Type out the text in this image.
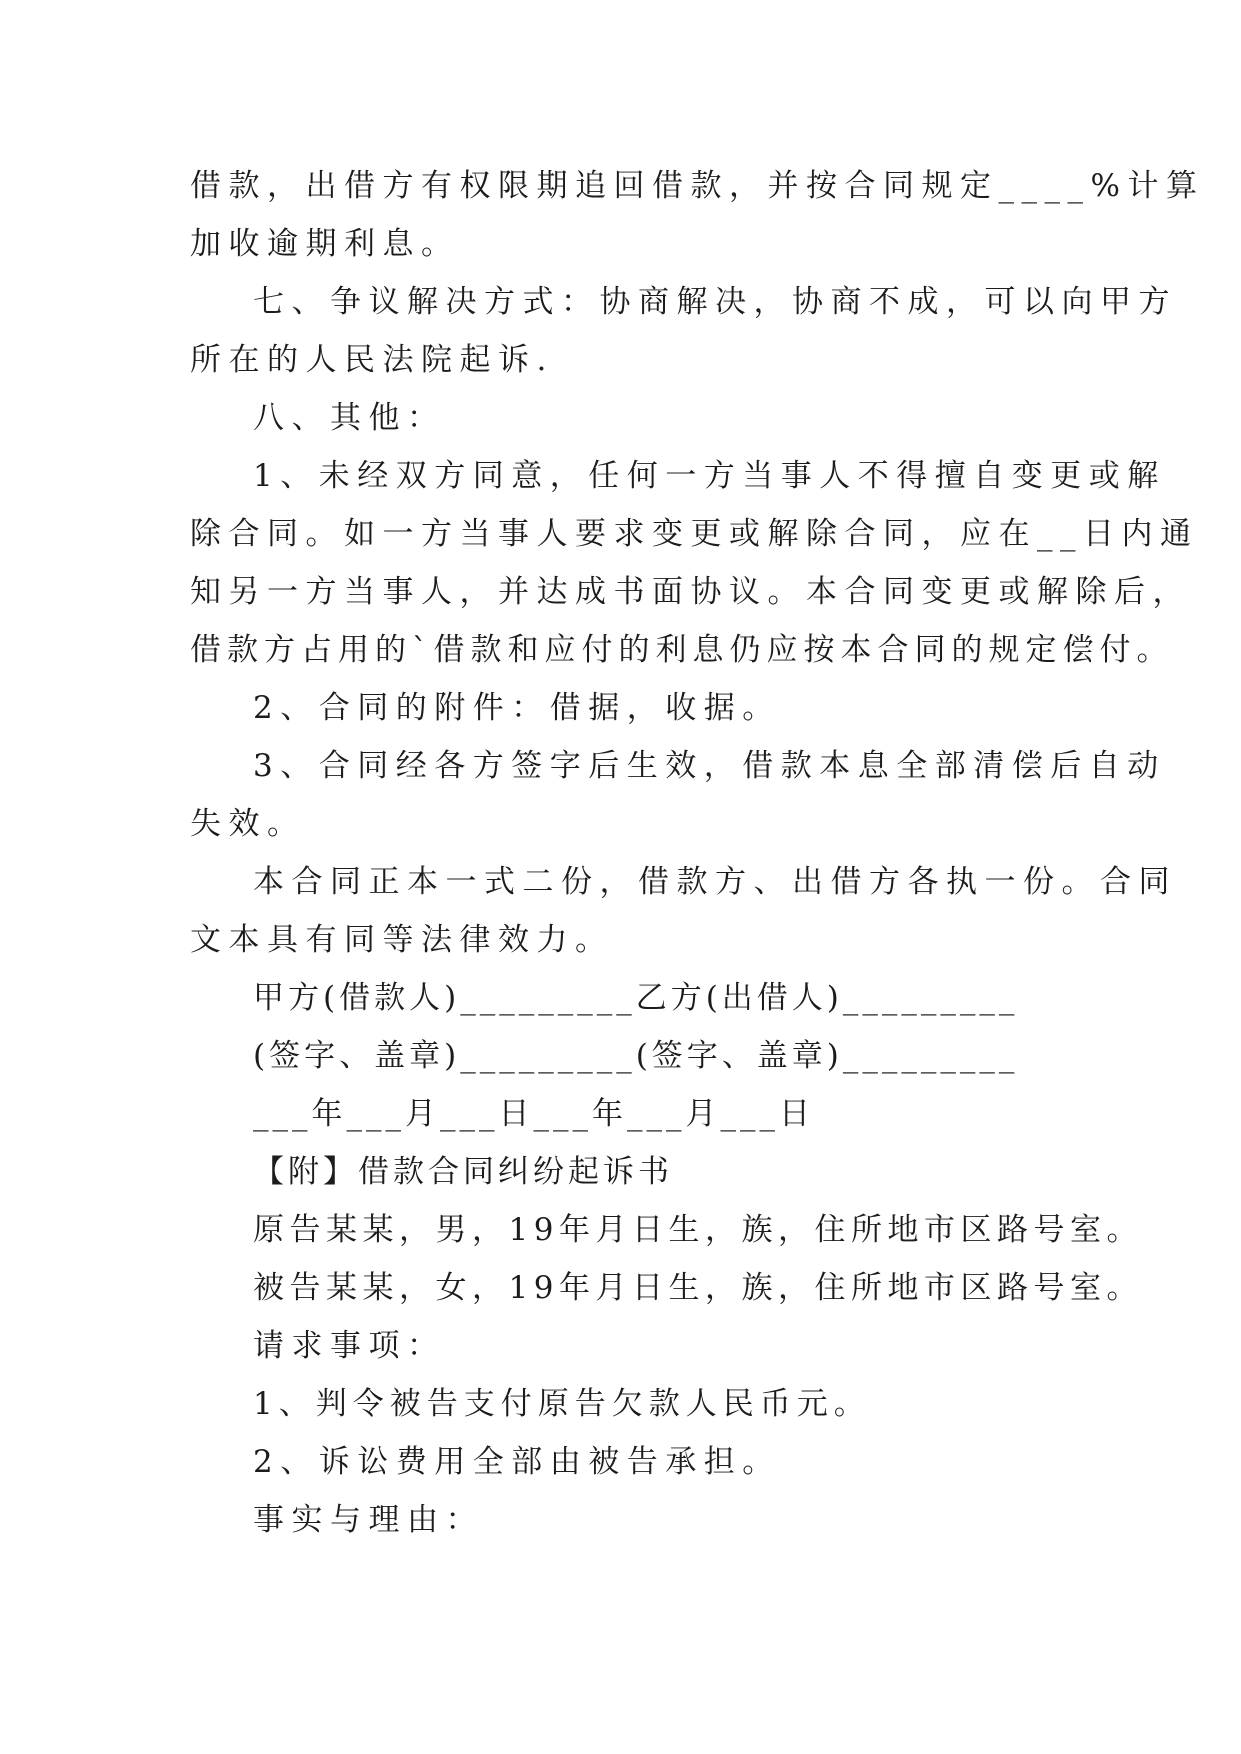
借款，出借方有权限期追回借款，并按合同规定____%计算
加收逾期利息。
七、争议解决方式：协商解决，协商不成，可以向甲方
所在的人民法院起诉.
八、其他：
1、未经双方同意，任何一方当事人不得擅自变更或解
除合同。如一方当事人要求变更或解除合同，应在__日内通
知另一方当事人，并达成书面协议。本合同变更或解除后，
借款方占用的`借款和应付的利息仍应按本合同的规定偿付。
2、合同的附件：借据，收据。
3、合同经各方签字后生效，借款本息全部清偿后自动
失效。
本合同正本一式二份，借款方、出借方各执一份。合同
文本具有同等法律效力。
甲方(借款人)_________乙方(出借人)_________
(签字、盖章)_________(签字、盖章)_________
___年___月___日___年___月___日
【附】借款合同纠纷起诉书
原告某某，男，19年月日生，族，住所地市区路号室。
被告某某，女，19年月日生，族，住所地市区路号室。
请求事项：
1、判令被告支付原告欠款人民币元。
2、诉讼费用全部由被告承担。
事实与理由：
